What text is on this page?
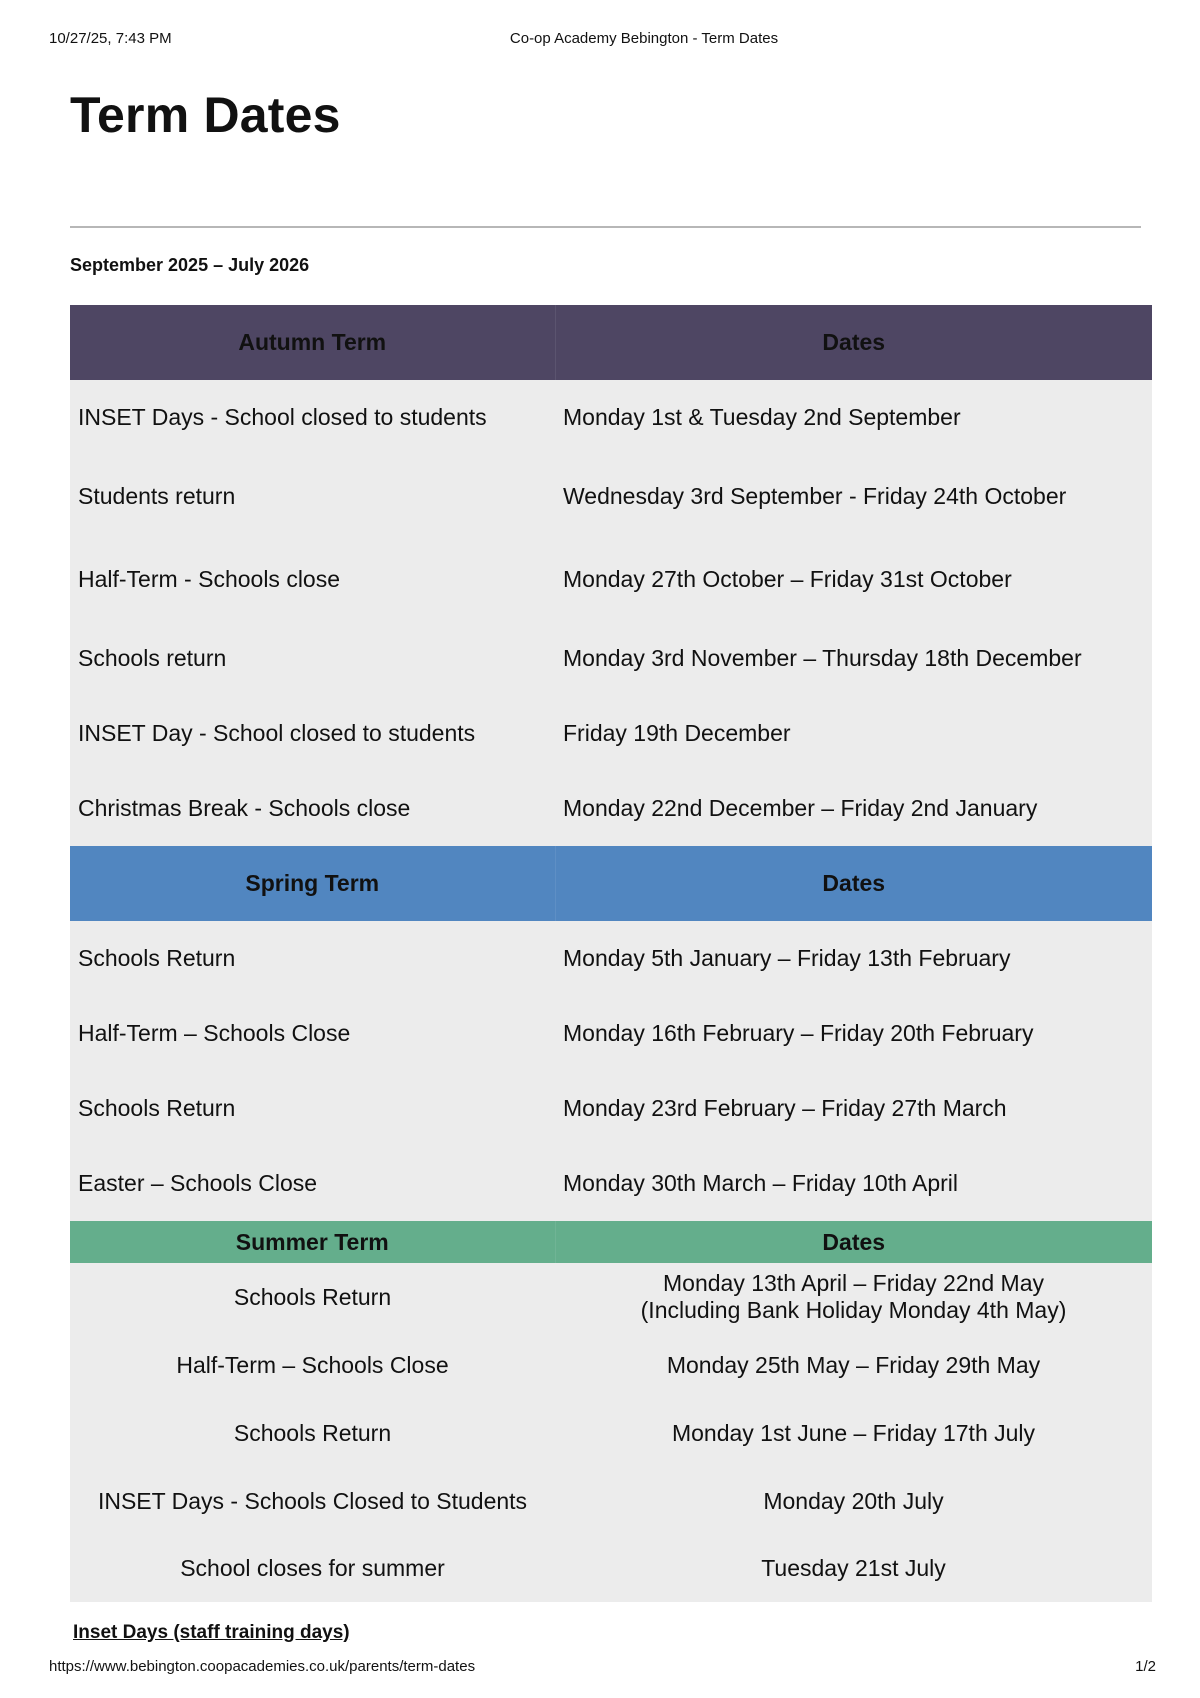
10/27/25, 7:43 PM	Co-op Academy Bebington - Term Dates
Term Dates

September 2025 – July 2026

Autumn Term	Dates
INSET Days - School closed to students	Monday 1st & Tuesday 2nd September
Students return	Wednesday 3rd September - Friday 24th October
Half-Term - Schools close	Monday 27th October – Friday 31st October
Schools return	Monday 3rd November – Thursday 18th December
INSET Day - School closed to students	Friday 19th December
Christmas Break - Schools close	Monday 22nd December – Friday 2nd January
Spring Term	Dates
Schools Return	Monday 5th January – Friday 13th February
Half-Term – Schools Close	Monday 16th February – Friday 20th February
Schools Return	Monday 23rd February – Friday 27th March
Easter – Schools Close	Monday 30th March – Friday 10th April
Summer Term	Dates
Schools Return	Monday 13th April – Friday 22nd May
(Including Bank Holiday Monday 4th May)

Half-Term – Schools Close	Monday 25th May – Friday 29th May
Schools Return	Monday 1st June – Friday 17th July
INSET Days - Schools Closed to Students	Monday 20th July
School closes for summer	Tuesday 21st July
Inset Days (staff training days)
https://www.bebington.coopacademies.co.uk/parents/term-dates	1/2
